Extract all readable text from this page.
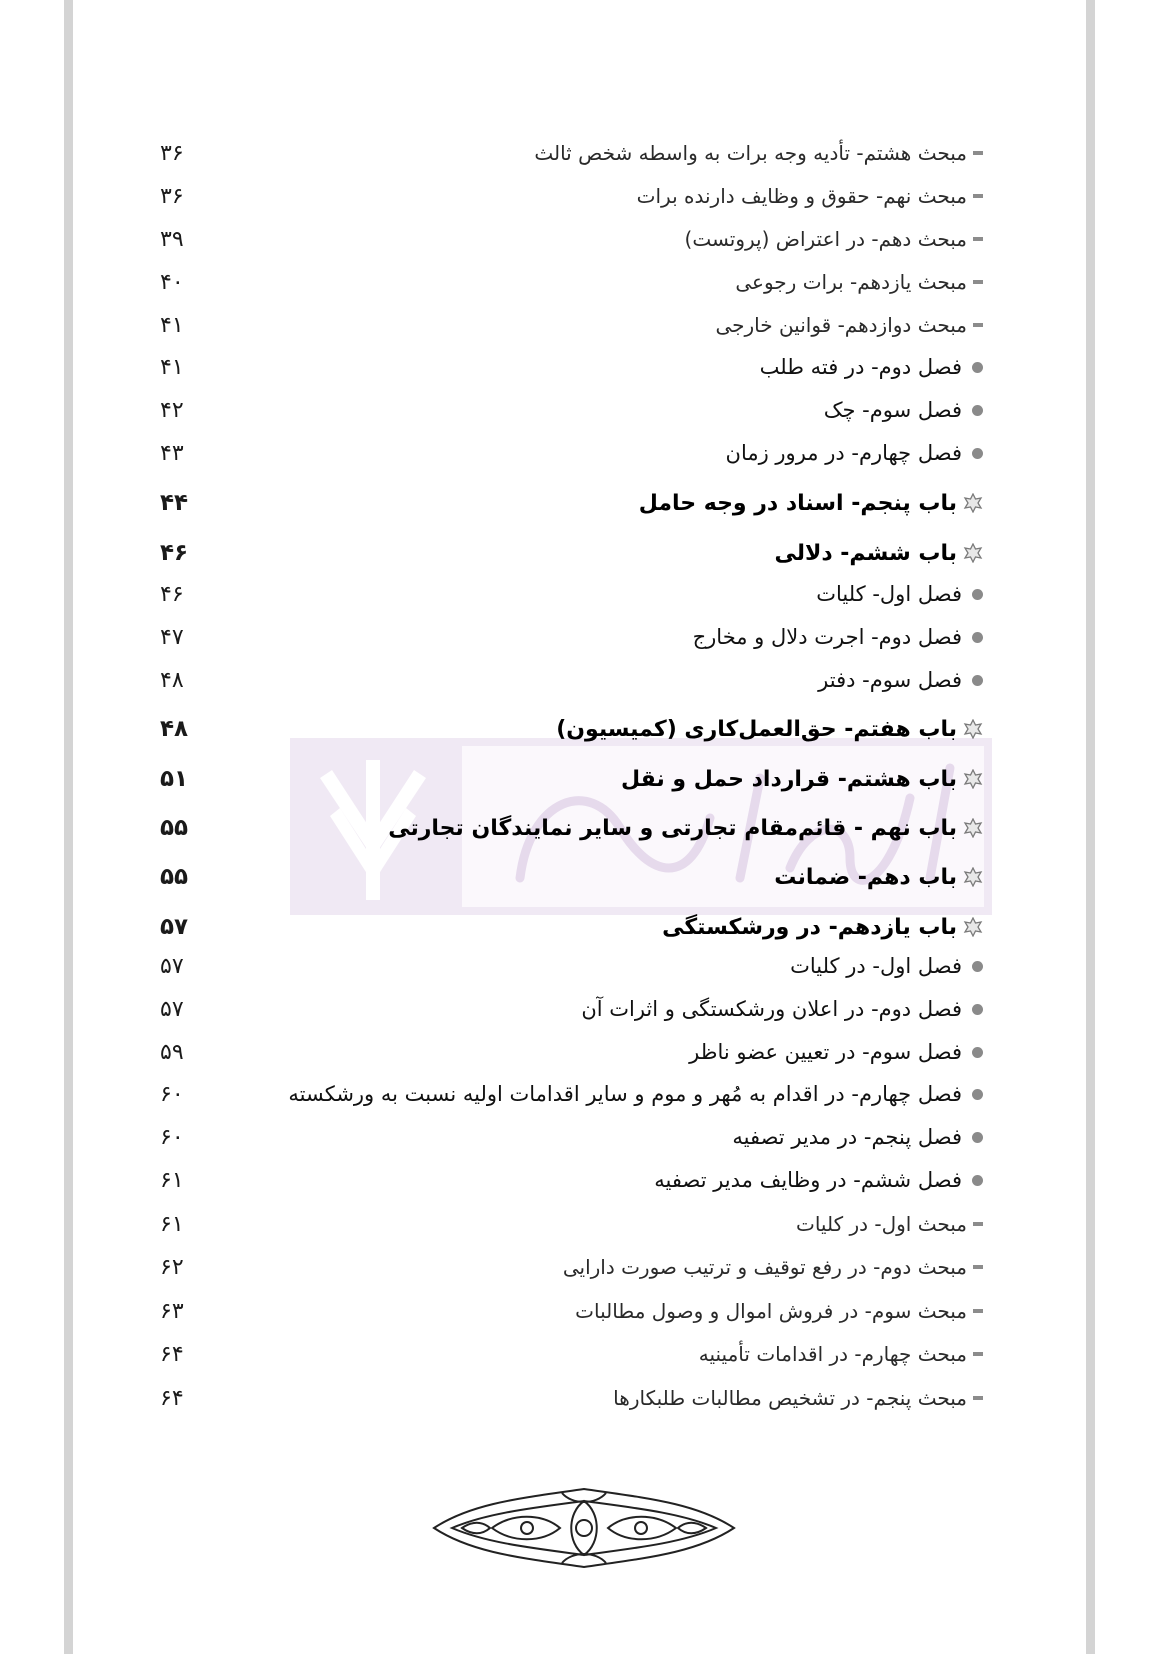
۳۶	مبحث هشتم- تأدیه وجه برات به واسطه شخص ثالث
۳۶	مبحث نهم- حقوق و وظایف دارنده برات
۳۹	مبحث دهم- در اعتراض (پروتست)
۴۰	مبحث یازدهم- برات رجوعی
۴۱	مبحث دوازدهم- قوانین خارجی
۴۱	فصل دوم- در فته طلب
۴۲	فصل سوم- چک
۴۳	فصل چهارم- در مرور زمان
۴۴	باب پنجم- اسناد در وجه حامل
۴۶	باب ششم- دلالی
۴۶	فصل اول- کلیات
۴۷	فصل دوم- اجرت دلال و مخارج
۴۸	فصل سوم- دفتر
۴۸	باب هفتم- حق‌العمل‌کاری (کمیسیون)
۵۱	باب هشتم- قرارداد حمل و نقل
۵۵	باب نهم - قائم‌مقام تجارتی و سایر نمایندگان تجارتی
۵۵	باب دهم- ضمانت
۵۷	باب یازدهم- در ورشکستگی
۵۷	فصل اول- در کلیات
۵۷	فصل دوم- در اعلان ورشکستگی و اثرات آن
۵۹	فصل سوم- در تعیین عضو ناظر
۶۰	فصل چهارم- در اقدام به مُهر و موم و سایر اقدامات اولیه نسبت به ورشکسته
۶۰	فصل پنجم- در مدیر تصفیه
۶۱	فصل ششم- در وظایف مدیر تصفیه
۶۱	مبحث اول- در کلیات
۶۲	مبحث دوم- در رفع توقیف و ترتیب صورت دارایی
۶۳	مبحث سوم- در فروش اموال و وصول مطالبات
۶۴	مبحث چهارم- در اقدامات تأمینیه
۶۴	مبحث پنجم- در تشخیص مطالبات طلبکارها
